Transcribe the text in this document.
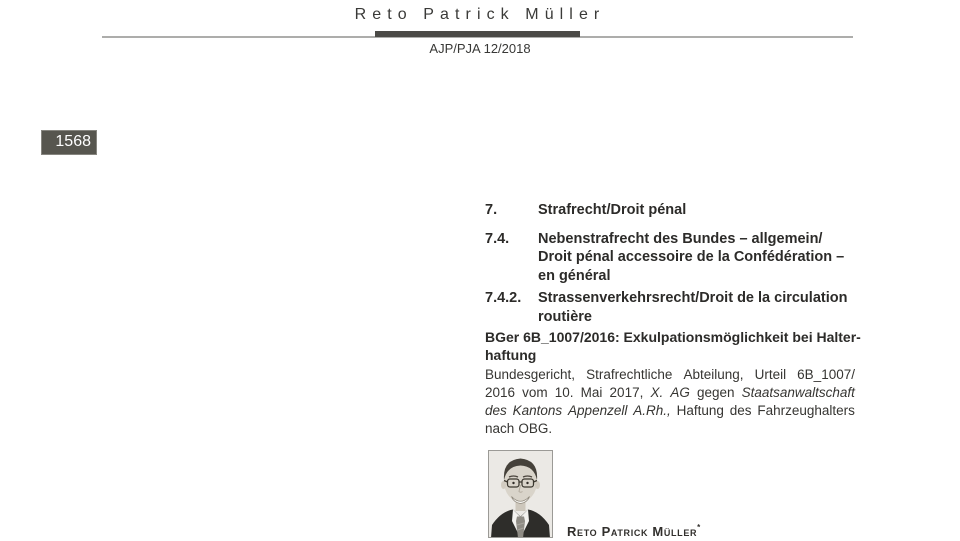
Reto Patrick Müller
AJP/PJA 12/2018
1568
7.	Strafrecht/Droit pénal
7.4.	Nebenstrafrecht des Bundes – allgemein/
Droit pénal accessoire de la Confédération –
en général
7.4.2.	Strassenverkehrsrecht/Droit de la circulation
routière
BGer 6B_1007/2016: Exkulpationsmöglichkeit bei Halter-
haftung
Bundesgericht, Strafrechtliche Abteilung, Urteil 6B_1007/
2016 vom 10. Mai 2017, X. AG gegen Staatsanwaltschaft
des Kantons Appenzell A.Rh., Haftung des Fahrzeughalters
nach OBG.
Reto Patrick Müller*
